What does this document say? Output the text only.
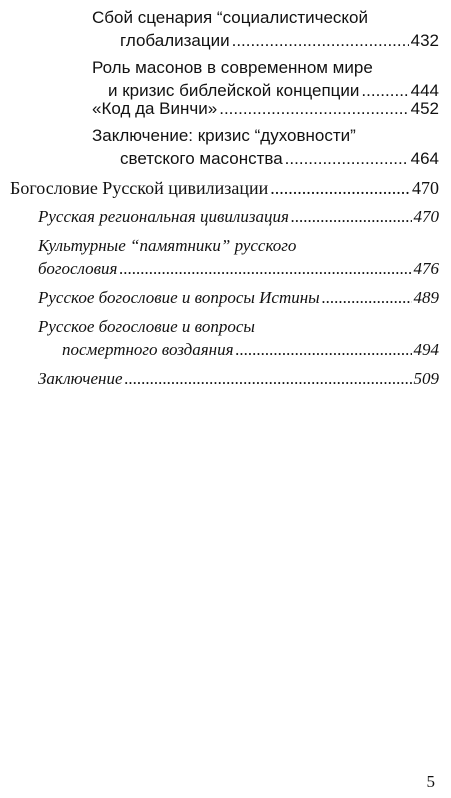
Сбой сценария “социалистической
глобализации .....	432
Роль масонов в современном мире
и кризис библейской концепции .....	444
«Код да Винчи» .....	452
Заключение: кризис “духовности”
светского масонства .....	464
Богословие Русской цивилизации .....	470
Русская региональная цивилизация .....	470
Культурные “памятники” русского
богословия .....	476
Русское богословие и вопросы Истины .....	489
Русское богословие и вопросы
посмертного воздаяния .....	494
Заключение .....	509
5
